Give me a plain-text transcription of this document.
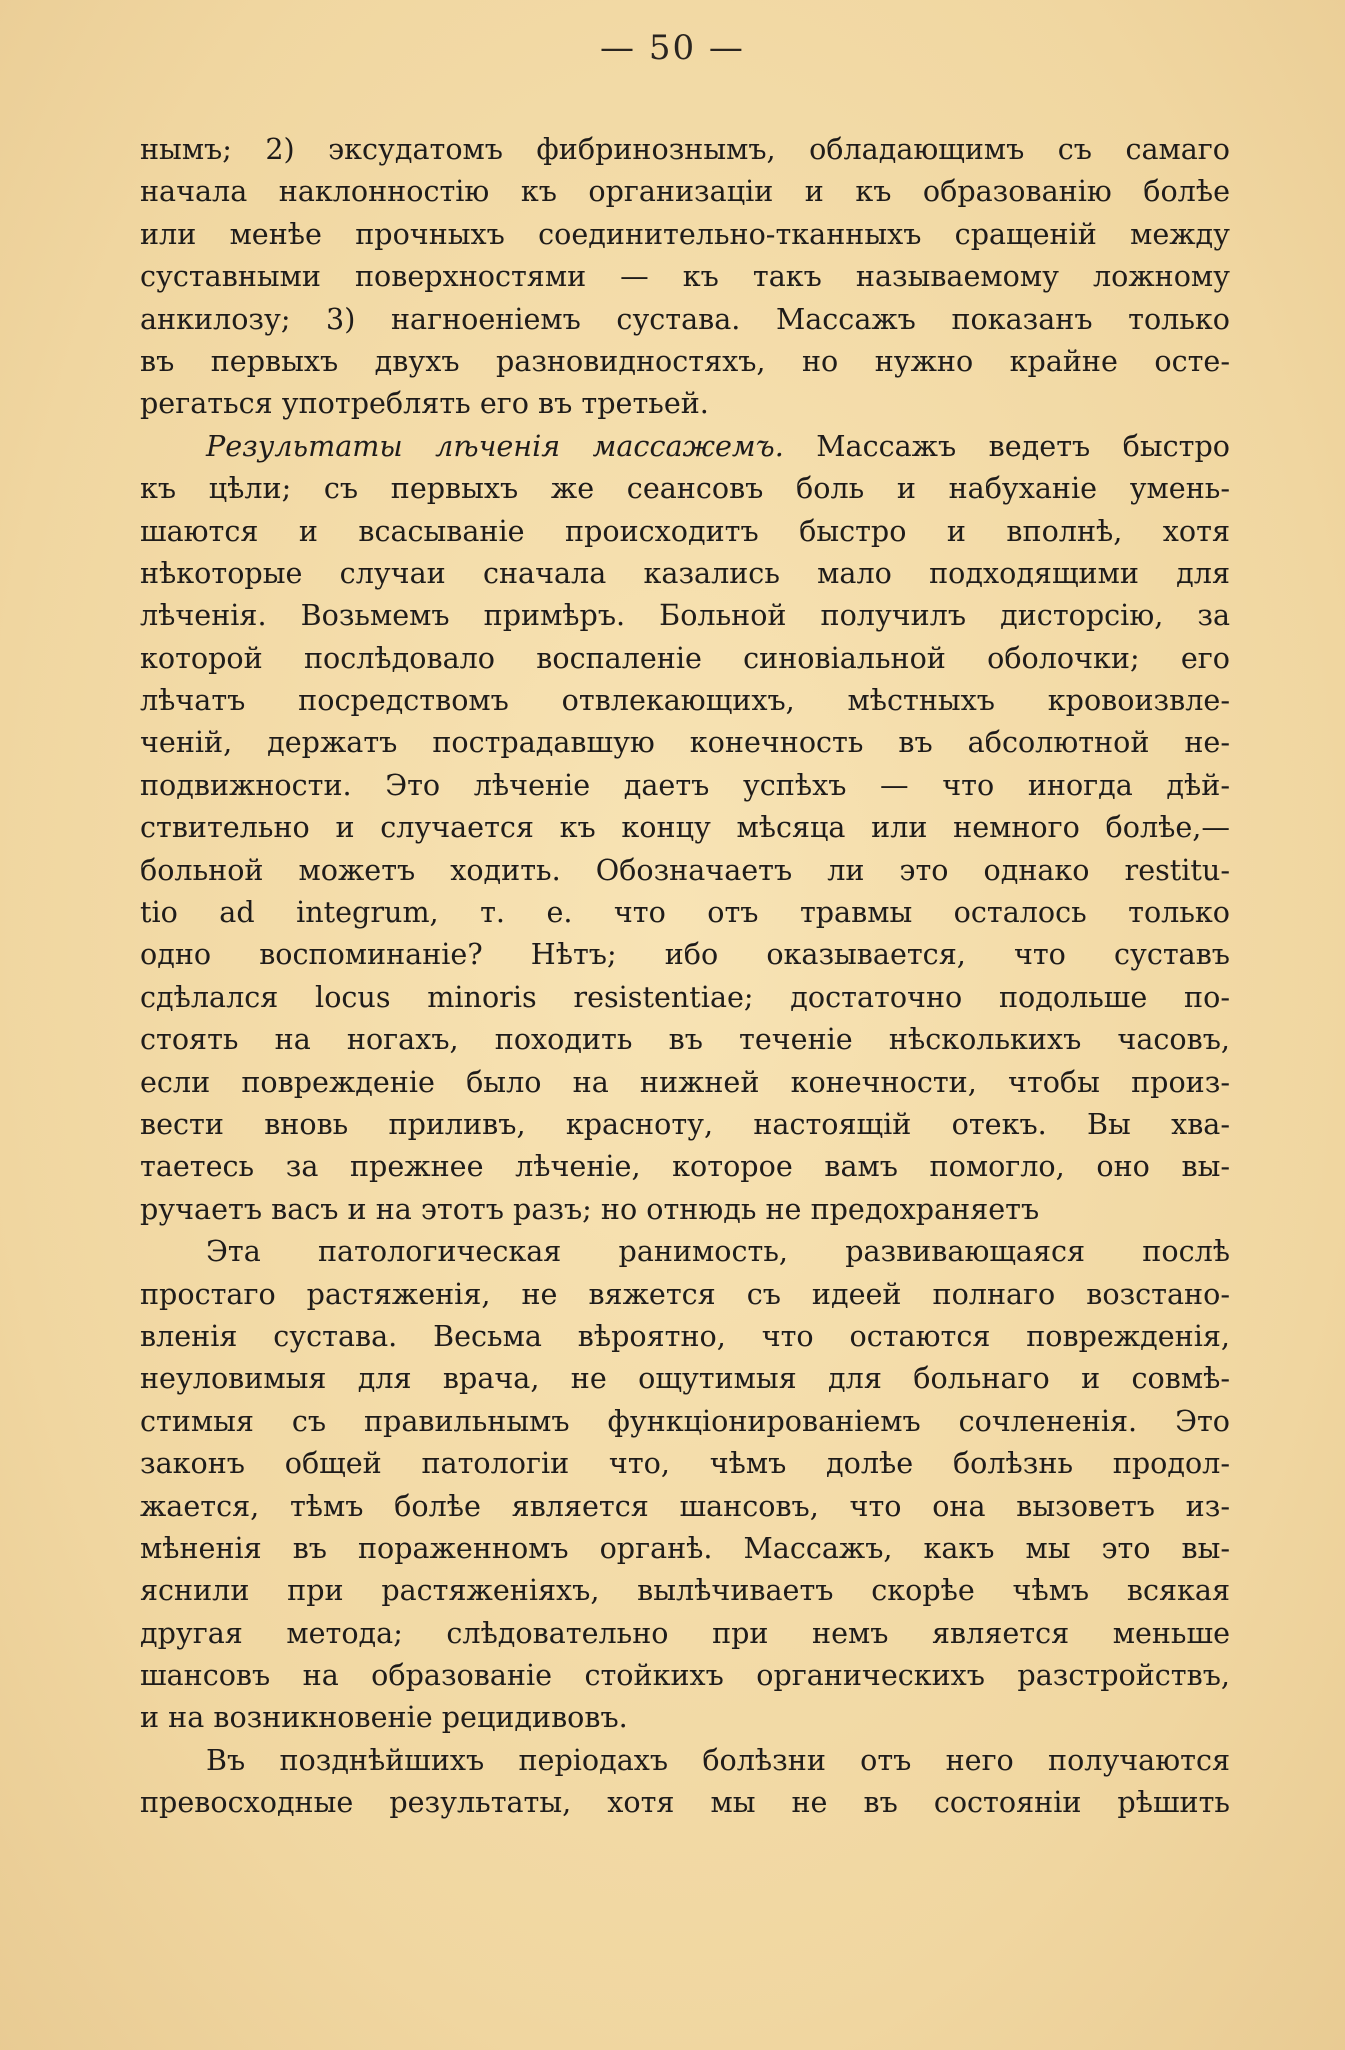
— 50 —
нымъ; 2) эксудатомъ фибринознымъ, обладающимъ съ самаго
начала наклонностію къ организаціи и къ образованію болѣе
или менѣе прочныхъ соединительно-тканныхъ сращеній между
суставными поверхностями — къ такъ называемому ложному
анкилозу; 3) нагноеніемъ сустава. Массажъ показанъ только
въ первыхъ двухъ разновидностяхъ, но нужно крайне осте-
регаться употреблять его въ третьей.
Результаты лѣченія массажемъ. Массажъ ведетъ быстро
къ цѣли; съ первыхъ же сеансовъ боль и набуханіе умень-
шаются и всасываніе происходитъ быстро и вполнѣ, хотя
нѣкоторые случаи сначала казались мало подходящими для
лѣченія. Возьмемъ примѣръ. Больной получилъ дисторсію, за
которой послѣдовало воспаленіе синовіальной оболочки; его
лѣчатъ посредствомъ отвлекающихъ, мѣстныхъ кровоизвле-
ченій, держатъ пострадавшую конечность въ абсолютной не-
подвижности. Это лѣченіе даетъ успѣхъ — что иногда дѣй-
ствительно и случается къ концу мѣсяца или немного болѣе,—
больной можетъ ходить. Обозначаетъ ли это однако restitu-
tio ad integrum, т. е. что отъ травмы осталось только
одно воспоминаніе? Нѣтъ; ибо оказывается, что суставъ
сдѣлался locus minoris resistentiae; достаточно подольше по-
стоять на ногахъ, походить въ теченіе нѣсколькихъ часовъ,
если поврежденіе было на нижней конечности, чтобы произ-
вести вновь приливъ, красноту, настоящій отекъ. Вы хва-
таетесь за прежнее лѣченіе, которое вамъ помогло, оно вы-
ручаетъ васъ и на этотъ разъ; но отнюдь не предохраняетъ
Эта патологическая ранимость, развивающаяся послѣ
простаго растяженія, не вяжется съ идеей полнаго возстано-
вленія сустава. Весьма вѣроятно, что остаются поврежденія,
неуловимыя для врача, не ощутимыя для больнаго и совмѣ-
стимыя съ правильнымъ функціонированіемъ сочлененія. Это
законъ общей патологіи что, чѣмъ долѣе болѣзнь продол-
жается, тѣмъ болѣе является шансовъ, что она вызоветъ из-
мѣненія въ пораженномъ органѣ. Массажъ, какъ мы это вы-
яснили при растяженіяхъ, вылѣчиваетъ скорѣе чѣмъ всякая
другая метода; слѣдовательно при немъ является меньше
шансовъ на образованіе стойкихъ органическихъ разстройствъ,
и на возникновеніе рецидивовъ.
Въ позднѣйшихъ періодахъ болѣзни отъ него получаются
превосходные результаты, хотя мы не въ состояніи рѣшить
